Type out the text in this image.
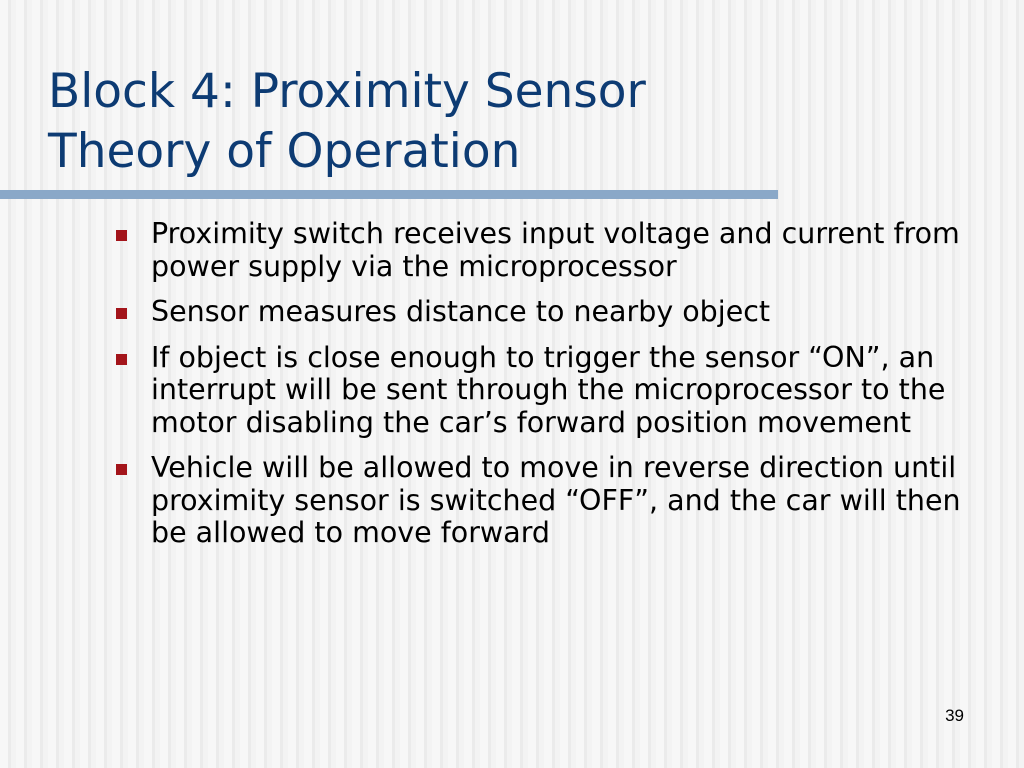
Block 4: Proximity Sensor
Theory of Operation
Proximity switch receives input voltage and current from power supply via the microprocessor
Sensor measures distance to nearby object
If object is close enough to trigger the sensor “ON”, an interrupt will be sent through the microprocessor to the motor disabling the car’s forward position movement
Vehicle will be allowed to move in reverse direction until proximity sensor is switched “OFF”, and the car will then be allowed to move forward
39
